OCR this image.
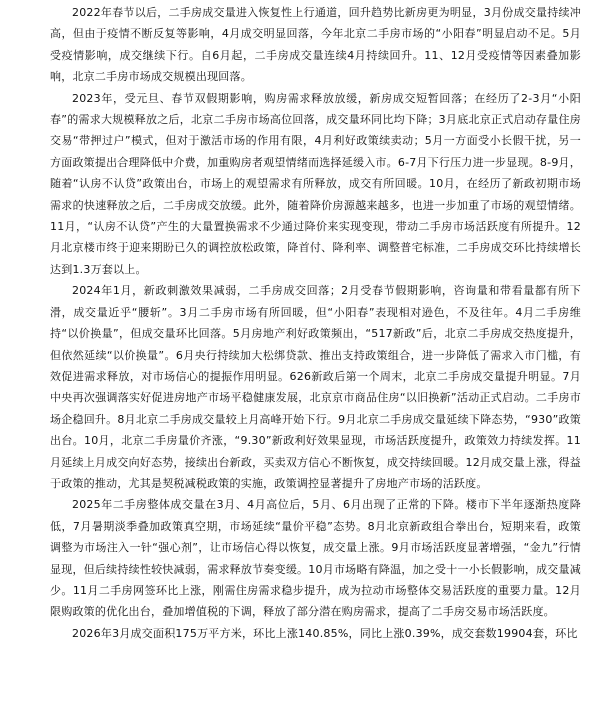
2022年春节以后，二手房成交量进入恢复性上行通道，回升趋势比新房更为明显，3月份成交量持续冲高，但由于疫情不断反复等影响，4月成交明显回落，今年北京二手房市场的“小阳春”明显启动不足。5月受疫情影响，成交继续下行。自6月起，二手房成交量连续4月持续回升。11、12月受疫情等因素叠加影响，北京二手房市场成交规模出现回落。

2023年，受元旦、春节双假期影响，购房需求释放放缓，新房成交短暂回落；在经历了2-3月“小阳春”的需求大规模释放之后，北京二手房市场高位回落，成交量环同比均下降；3月底北京正式启动存量住房交易“带押过户”模式，但对于激活市场的作用有限，4月利好政策续卖动；5月一方面受小长假干扰，另一方面政策提出合理降低中介费，加重购房者观望情绪而选择延缓入市。6-7月下行压力进一步显现。8-9月，随着“认房不认贷”政策出台，市场上的观望需求有所释放，成交有所回暖。10月，在经历了新政初期市场需求的快速释放之后，二手房成交放缓。此外，随着降价房源越来越多，也进一步加重了市场的观望情绪。11月，“认房不认贷”产生的大量置换需求不少通过降价来实现变现，带动二手房市场活跃度有所提升。12月北京楼市终于迎来期盼已久的调控放松政策，降首付、降利率、调整普宅标准，二手房成交环比持续增长达到1.3万套以上。

2024年1月，新政刺激效果减弱，二手房成交回落；2月受春节假期影响，咨询量和带看量都有所下滑，成交量近乎“腰斩”。3月二手房市场有所回暖，但“小阳春”表现相对逊色，不及往年。4月二手房维持“以价换量”，但成交量环比回落。5月房地产利好政策频出，“517新政”后，北京二手房成交热度提升，但依然延续“以价换量”。6月央行持续加大松绑贷款、推出支持政策组合，进一步降低了需求入市门槛，有效促进需求释放，对市场信心的提振作用明显。626新政后第一个周末，北京二手房成交量提升明显。7月中央再次强调落实好促进房地产市场平稳健康发展，北京京市商品住房“以旧换新”活动正式启动。二手房市场企稳回升。8月北京二手房成交量较上月高峰开始下行。9月北京二手房成交量延续下降态势，“930”政策出台。10月，北京二手房量价齐涨，“9.30”新政利好效果显现，市场活跃度提升，政策效力持续发挥。11月延续上月成交向好态势，接续出台新政，买卖双方信心不断恢复，成交持续回暖。12月成交量上涨，得益于政策的推动，尤其是契税减税政策的实施，政策调控显著提升了房地产市场的活跃度。

2025年二手房整体成交量在3月、4月高位后，5月、6月出现了正常的下降。楼市下半年逐渐热度降低，7月暑期淡季叠加政策真空期，市场延续“量价平稳”态势。8月北京新政组合拳出台，短期来看，政策调整为市场注入一针“强心剂”，让市场信心得以恢复，成交量上涨。9月市场活跃度显著增强，“金九”行情显现，但后续持续性较快减弱，需求释放节奏变缓。10月市场略有降温，加之受十一小长假影响，成交量减少。11月二手房网签环比上涨，刚需住房需求稳步提升，成为拉动市场整体交易活跃度的重要力量。12月限购政策的优化出台，叠加增值税的下调，释放了部分潜在购房需求，提高了二手房交易市场活跃度。

2026年3月成交面积175万平方米，环比上涨140.85%，同比上涨0.39%，成交套数19904套，环比
